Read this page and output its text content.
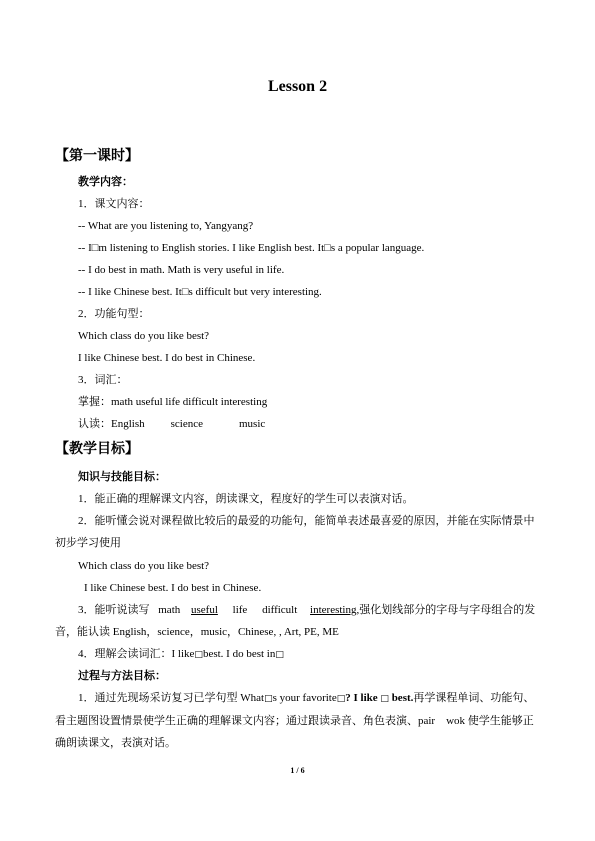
Lesson 2
【第一课时】

教学内容：

1．课文内容：

-- What are you listening to, Yangyang?

-- I□m listening to English stories. I like English best. It□s a popular language.

-- I do best in math. Math is very useful in life.

-- I like Chinese best. It□s difficult but very interesting.

2．功能句型：

Which class do you like best?

I like Chinese best. I do best in Chinese.

3．词汇：

掌握：math useful life difficult interesting

认读：English science	music

【教学目标】

知识与技能目标：

1．能正确的理解课文内容，朗读课文，程度好的学生可以表演对话。

2．能听懂会说对课程做比较后的最爱的功能句，能简单表述最喜爱的原因，并能在实际情景中初步学习使用

Which class do you like best?

I like Chinese best. I do best in Chinese.

3．能听说读写 math useful life difficult interesting,强化划线部分的字母与字母组合的发音，能认读 English，science，music，Chinese, , Art, PE, ME

4．理解会读词汇：I like□best. I do best in□

过程与方法目标：

1．通过先现场采访复习已学句型 What□s your favorite□? I like □ best.再学课程单词、功能句、看主题图设置情景使学生正确的理解课文内容；通过跟读录音、角色表演、pair　wok 使学生能够正确朗读课文，表演对话。

1 / 6
